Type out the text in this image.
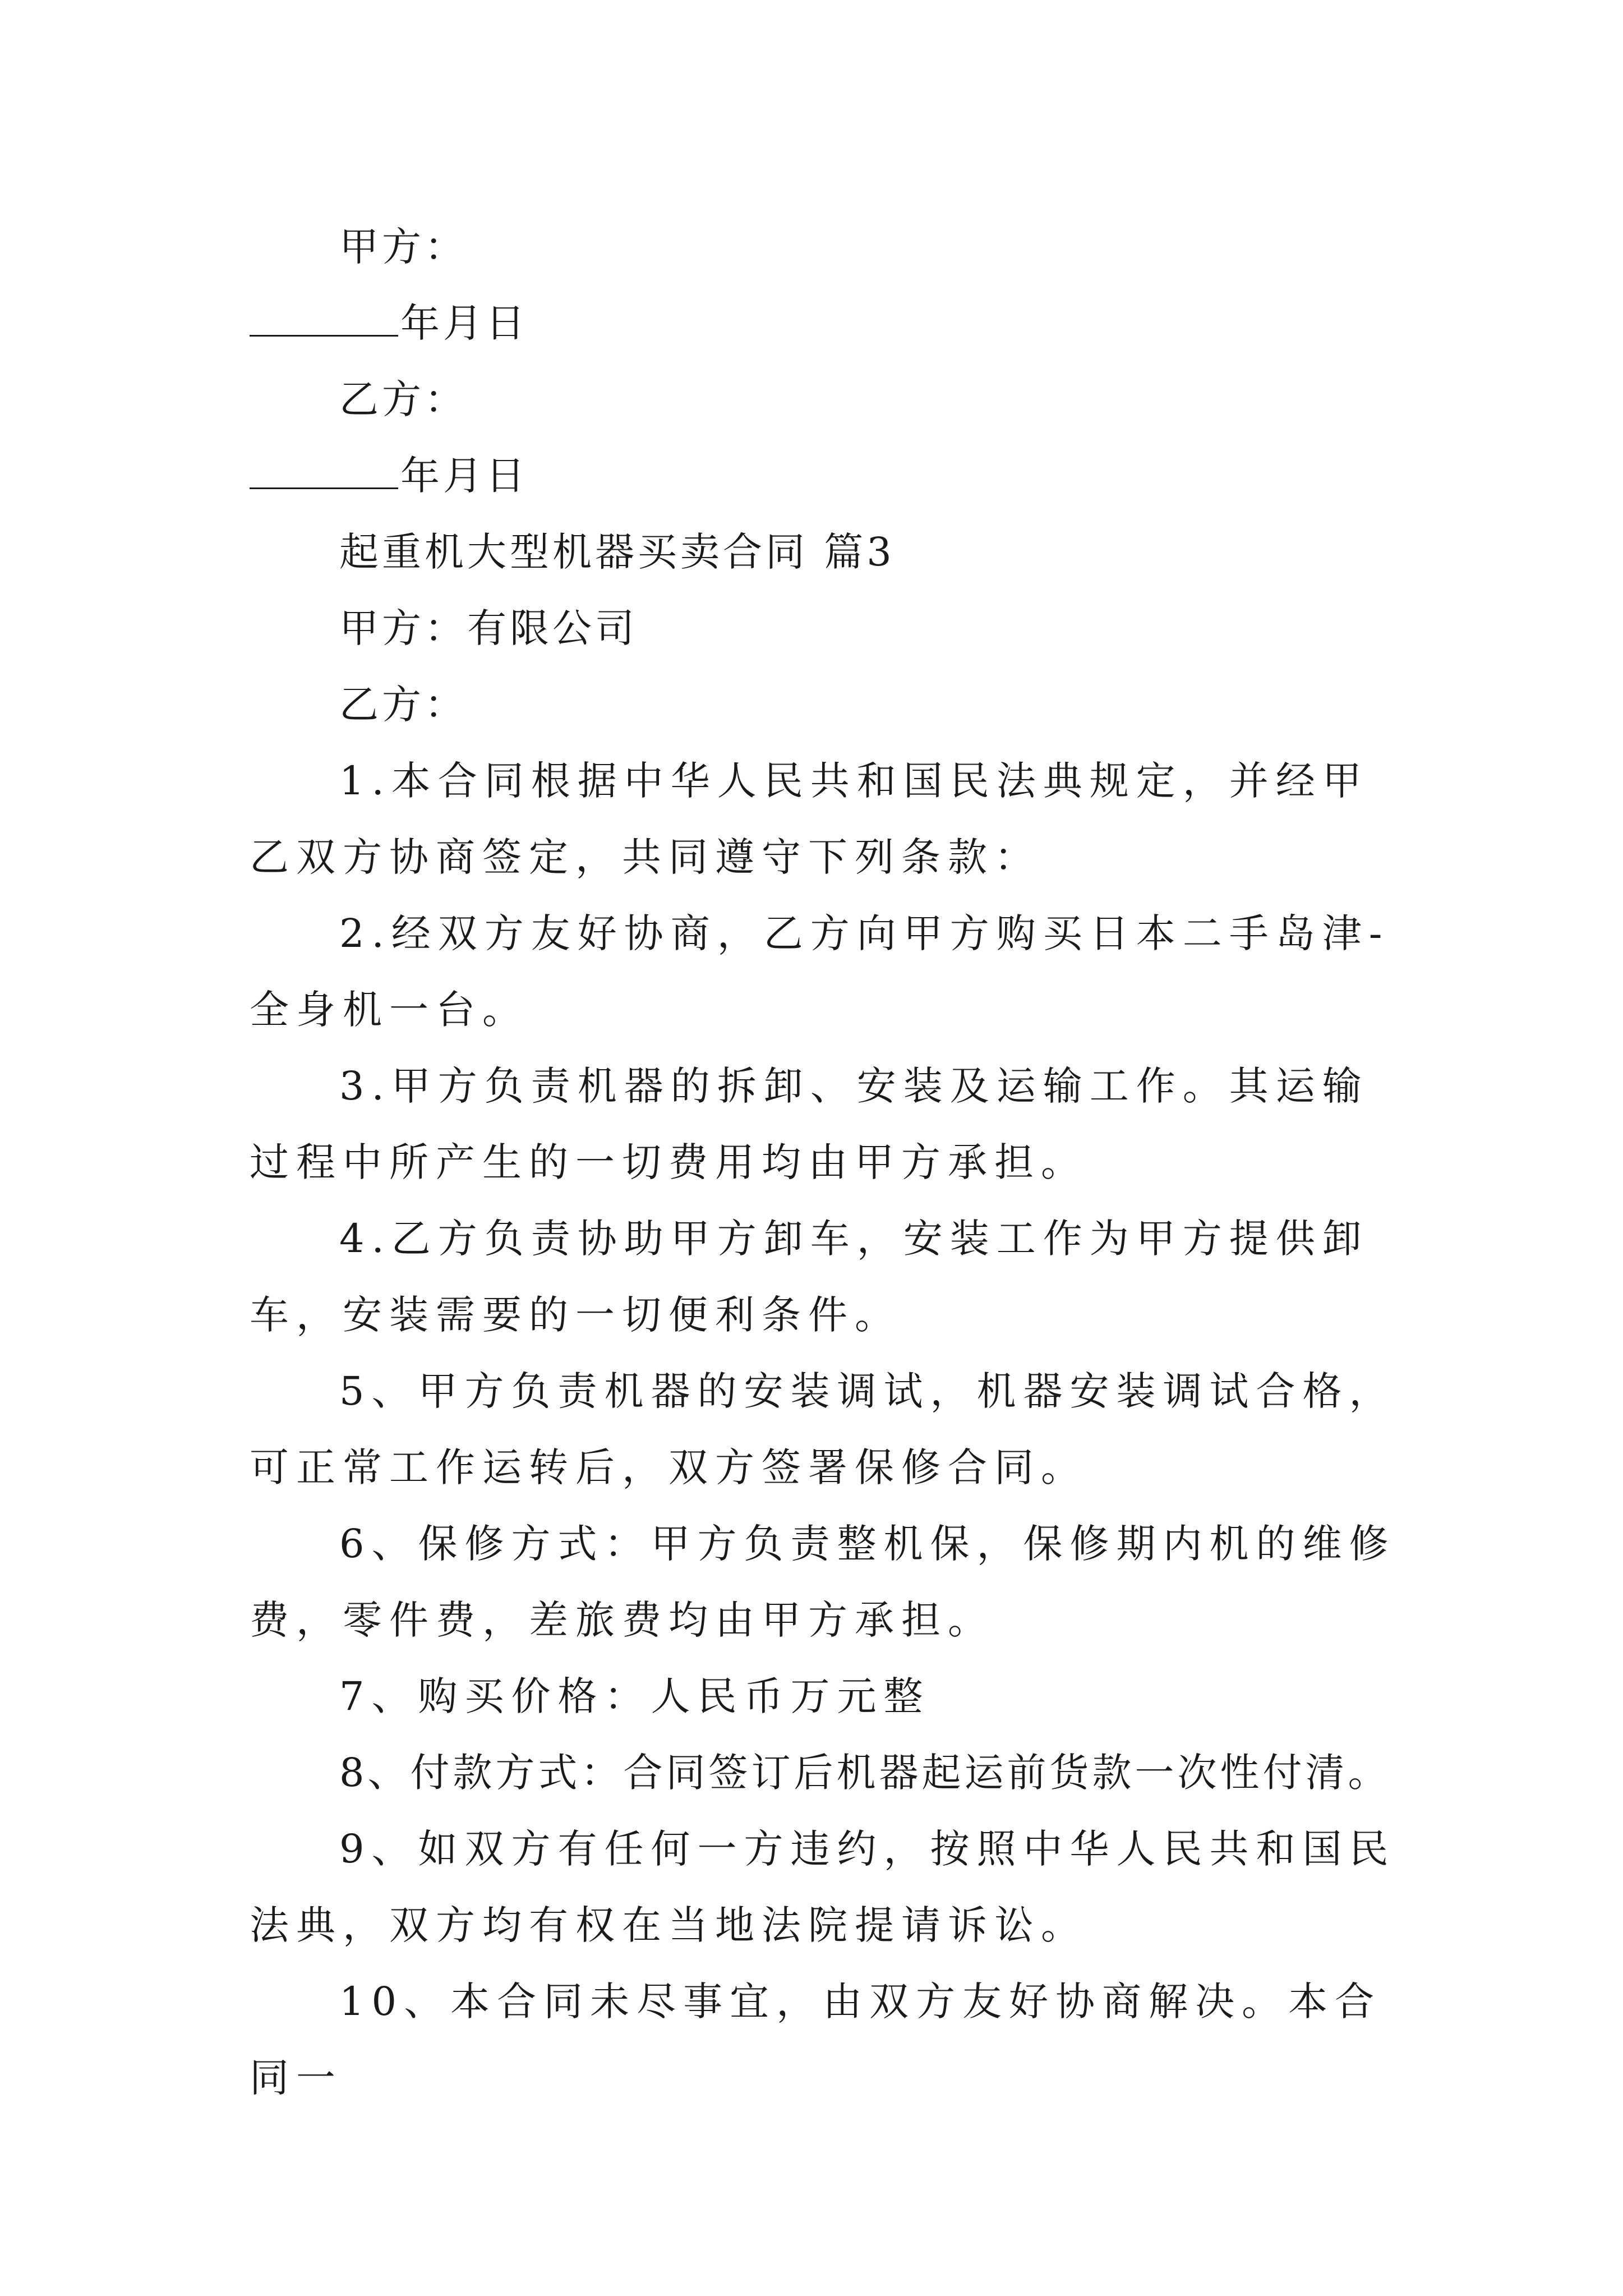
甲方：
年月日
乙方：
年月日
起重机大型机器买卖合同 篇3
甲方：有限公司
乙方：
1.本合同根据中华人民共和国民法典规定，并经甲乙双方协商签定，共同遵守下列条款：
2.经双方友好协商，乙方向甲方购买日本二手岛津-全身机一台。
3.甲方负责机器的拆卸、安装及运输工作。其运输过程中所产生的一切费用均由甲方承担。
4.乙方负责协助甲方卸车，安装工作为甲方提供卸车，安装需要的一切便利条件。
5、甲方负责机器的安装调试，机器安装调试合格，可正常工作运转后，双方签署保修合同。
6、保修方式：甲方负责整机保，保修期内机的维修费，零件费，差旅费均由甲方承担。
7、购买价格：人民币万元整
8、付款方式：合同签订后机器起运前货款一次性付清。
9、如双方有任何一方违约，按照中华人民共和国民法典，双方均有权在当地法院提请诉讼。
10、本合同未尽事宜，由双方友好协商解决。本合同一
